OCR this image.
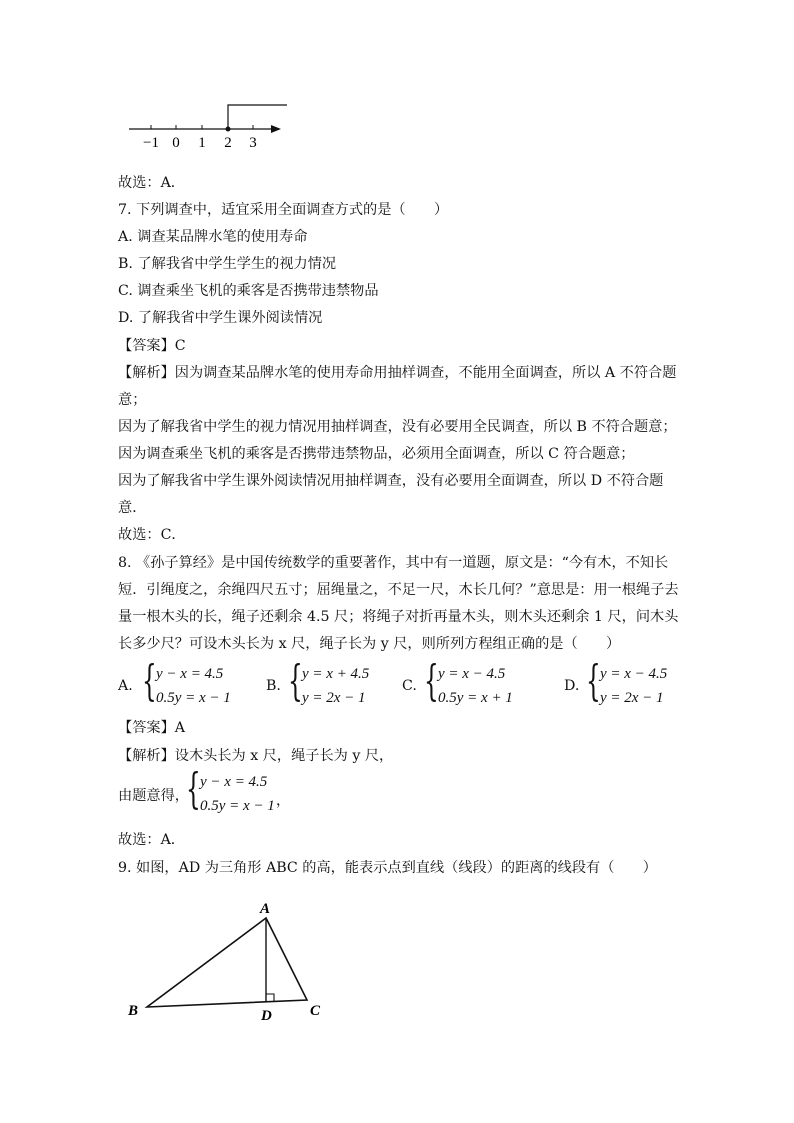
−1 0 1 2 3
故选：A．
7. 下列调查中，适宜采用全面调查方式的是（　　）
A. 调查某品牌水笔的使用寿命
B. 了解我省中学生学生的视力情况
C. 调查乘坐飞机的乘客是否携带违禁物品
D. 了解我省中学生课外阅读情况
【答案】C
【解析】因为调查某品牌水笔的使用寿命用抽样调查，不能用全面调查，所以 A 不符合题
意；
因为了解我省中学生的视力情况用抽样调查，没有必要用全民调查，所以 B 不符合题意；
因为调查乘坐飞机的乘客是否携带违禁物品，必须用全面调查，所以 C 符合题意；
因为了解我省中学生课外阅读情况用抽样调查，没有必要用全面调查，所以 D 不符合题
意．
故选：C．
8. 《孙子算经》是中国传统数学的重要著作，其中有一道题，原文是：“今有木，不知长
短．引绳度之，余绳四尺五寸；屈绳量之，不足一尺，木长几何？”意思是：用一根绳子去
量一根木头的长，绳子还剩余 4.5 尺；将绳子对折再量木头，则木头还剩余 1 尺，问木头
长多少尺？可设木头长为 x 尺，绳子长为 y 尺，则所列方程组正确的是（　　）
A. { y − x = 4.5
0.5y = x − 1
B. { y = x + 4.5
y = 2x − 1
C. { y = x − 4.5
0.5y = x + 1
D. { y = x − 4.5
y = 2x − 1
【答案】A
【解析】设木头长为 x 尺，绳子长为 y 尺，
由题意得，
{ y − x = 4.5
0.5y = x − 1 ，
故选：A．
9. 如图，AD 为三角形 ABC 的高，能表示点到直线（线段）的距离的线段有（　　）
A
B	C
D
